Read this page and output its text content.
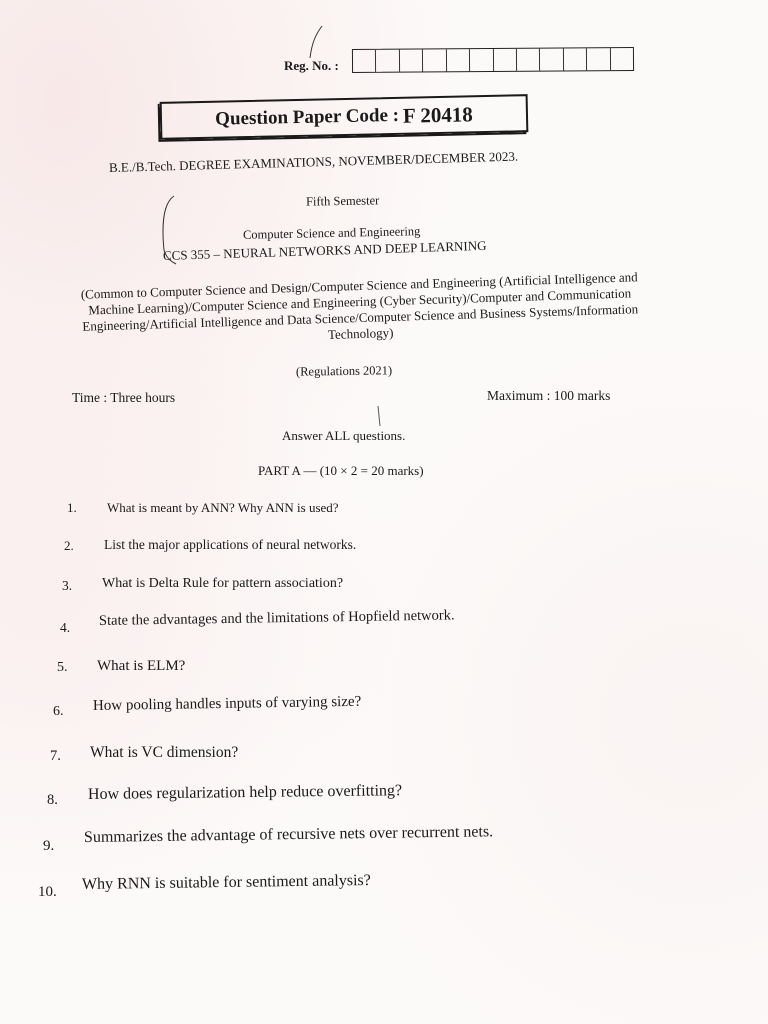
Reg. No. :
Question Paper Code : F 20418
B.E./B.Tech. DEGREE EXAMINATIONS, NOVEMBER/DECEMBER 2023.
Fifth Semester
Computer Science and Engineering
CCS 355 – NEURAL NETWORKS AND DEEP LEARNING
(Common to Computer Science and Design/Computer Science and Engineering (Artificial Intelligence and Machine Learning)/Computer Science and Engineering (Cyber Security)/Computer and Communication Engineering/Artificial Intelligence and Data Science/Computer Science and Business Systems/Information Technology)
(Regulations 2021)
Time : Three hours	Maximum : 100 marks
Answer ALL questions.
PART A — (10 × 2 = 20 marks)
1. What is meant by ANN? Why ANN is used?
2. List the major applications of neural networks.
3. What is Delta Rule for pattern association?
4. State the advantages and the limitations of Hopfield network.
5. What is ELM?
6. How pooling handles inputs of varying size?
7. What is VC dimension?
8. How does regularization help reduce overfitting?
9.
Summarizes the advantage of recursive nets over recurrent nets.
10. Why RNN is suitable for sentiment analysis?
